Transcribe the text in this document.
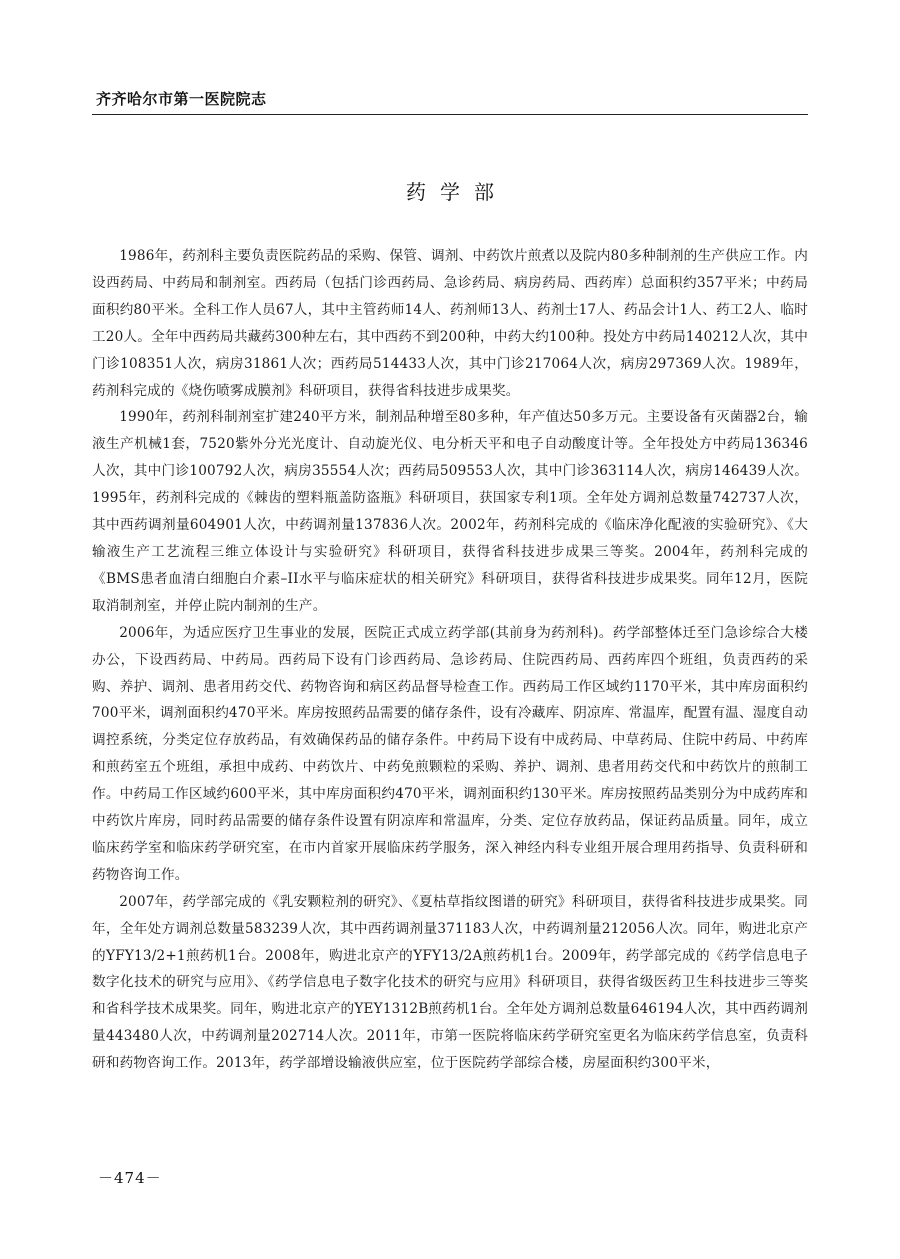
齐齐哈尔市第一医院院志
药学部

1986年，药剂科主要负责医院药品的采购、保管、调剂、中药饮片煎煮以及院内80多种制剂的生产供应工作。内设西药局、中药局和制剂室。西药局（包括门诊西药局、急诊药局、病房药局、西药库）总面积约357平米；中药局面积约80平米。全科工作人员67人，其中主管药师14人、药剂师13人、药剂士17人、药品会计1人、药工2人、临时工20人。全年中西药局共藏药300种左右，其中西药不到200种，中药大约100种。投处方中药局140212人次，其中门诊108351人次，病房31861人次；西药局514433人次，其中门诊217064人次，病房297369人次。1989年，药剂科完成的《烧伤喷雾成膜剂》科研项目，获得省科技进步成果奖。

1990年，药剂科制剂室扩建240平方米，制剂品种增至80多种，年产值达50多万元。主要设备有灭菌器2台，输液生产机械1套，7520紫外分光光度计、自动旋光仪、电分析天平和电子自动酸度计等。全年投处方中药局136346人次，其中门诊100792人次，病房35554人次；西药局509553人次，其中门诊363114人次，病房146439人次。1995年，药剂科完成的《棘齿的塑料瓶盖防盗瓶》科研项目，获国家专利1项。全年处方调剂总数量742737人次，其中西药调剂量604901人次，中药调剂量137836人次。2002年，药剂科完成的《临床净化配液的实验研究》、《大输液生产工艺流程三维立体设计与实验研究》科研项目，获得省科技进步成果三等奖。2004年，药剂科完成的《BMS患者血清白细胞白介素–II水平与临床症状的相关研究》科研项目，获得省科技进步成果奖。同年12月，医院取消制剂室，并停止院内制剂的生产。

2006年，为适应医疗卫生事业的发展，医院正式成立药学部(其前身为药剂科)。药学部整体迁至门急诊综合大楼办公，下设西药局、中药局。西药局下设有门诊西药局、急诊药局、住院西药局、西药库四个班组，负责西药的采购、养护、调剂、患者用药交代、药物咨询和病区药品督导检查工作。西药局工作区域约1170平米，其中库房面积约700平米，调剂面积约470平米。库房按照药品需要的储存条件，设有冷藏库、阴凉库、常温库，配置有温、湿度自动调控系统，分类定位存放药品，有效确保药品的储存条件。中药局下设有中成药局、中草药局、住院中药局、中药库和煎药室五个班组，承担中成药、中药饮片、中药免煎颗粒的采购、养护、调剂、患者用药交代和中药饮片的煎制工作。中药局工作区域约600平米，其中库房面积约470平米，调剂面积约130平米。库房按照药品类别分为中成药库和中药饮片库房，同时药品需要的储存条件设置有阴凉库和常温库，分类、定位存放药品，保证药品质量。同年，成立临床药学室和临床药学研究室，在市内首家开展临床药学服务，深入神经内科专业组开展合理用药指导、负责科研和药物咨询工作。

2007年，药学部完成的《乳安颗粒剂的研究》、《夏枯草指纹图谱的研究》科研项目，获得省科技进步成果奖。同年，全年处方调剂总数量583239人次，其中西药调剂量371183人次，中药调剂量212056人次。同年，购进北京产的YFY13/2+1煎药机1台。2008年，购进北京产的YFY13/2A煎药机1台。2009年，药学部完成的《药学信息电子数字化技术的研究与应用》、《药学信息电子数字化技术的研究与应用》科研项目，获得省级医药卫生科技进步三等奖和省科学技术成果奖。同年，购进北京产的YEY1312B煎药机1台。全年处方调剂总数量646194人次，其中西药调剂量443480人次，中药调剂量202714人次。2011年，市第一医院将临床药学研究室更名为临床药学信息室，负责科研和药物咨询工作。2013年，药学部增设输液供应室，位于医院药学部综合楼，房屋面积约300平米，

－474－
